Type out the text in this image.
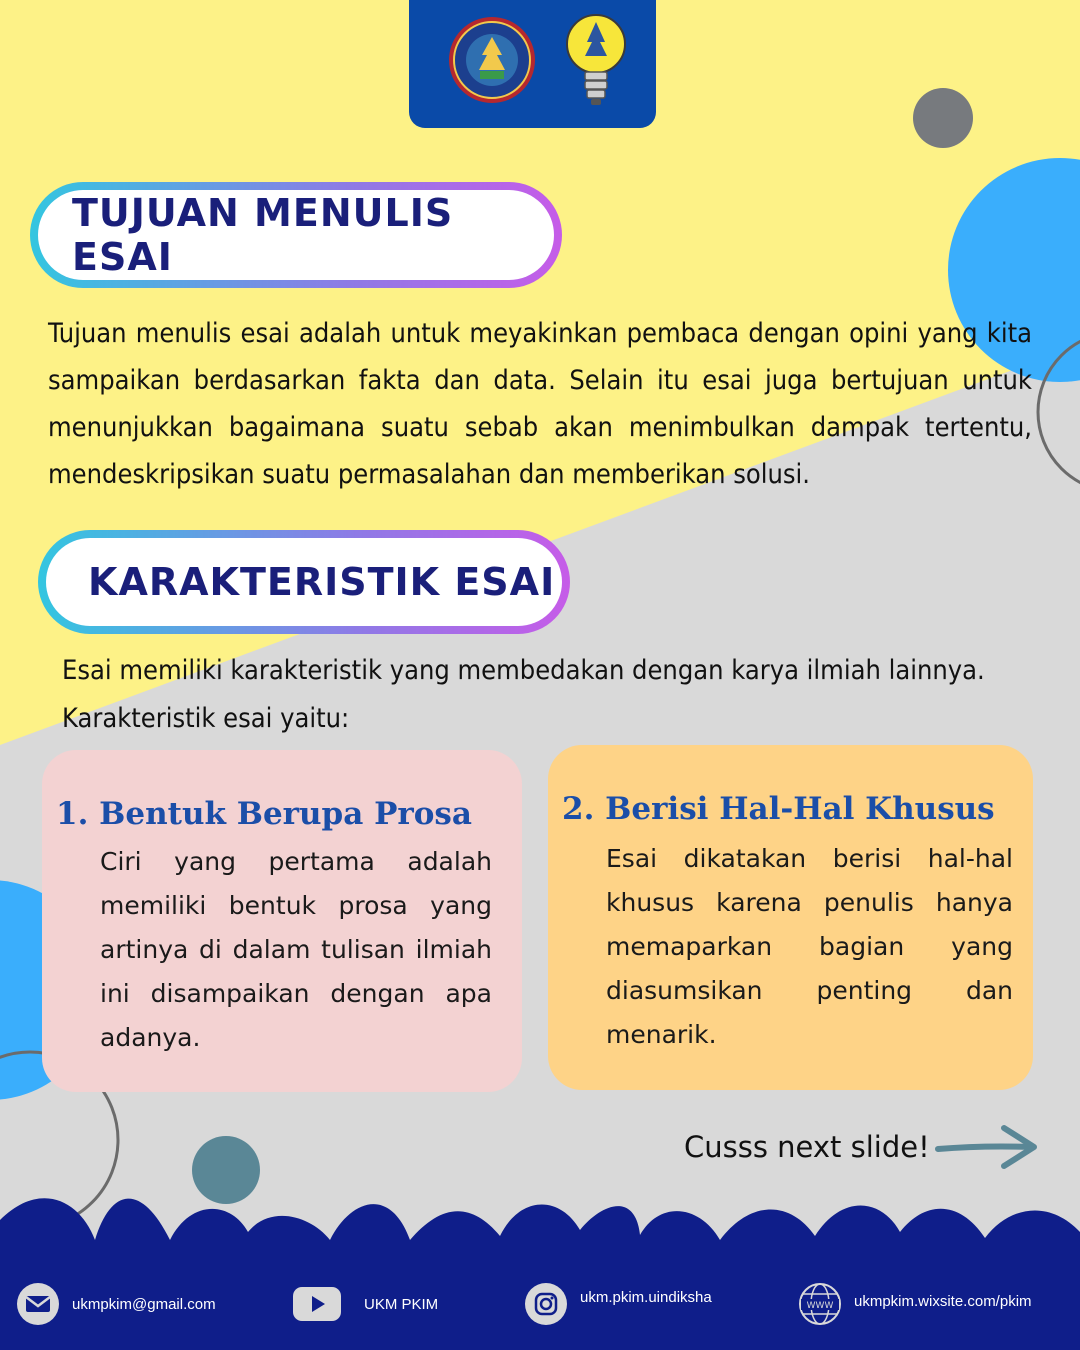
TUJUAN MENULIS ESAI
Tujuan menulis esai adalah untuk meyakinkan pembaca dengan opini yang kita sampaikan berdasarkan fakta dan data. Selain itu esai juga bertujuan untuk menunjukkan bagaimana suatu sebab akan menimbulkan dampak tertentu, mendeskripsikan suatu permasalahan dan memberikan solusi.
KARAKTERISTIK ESAI
Esai memiliki karakteristik yang membedakan dengan karya ilmiah lainnya.
Karakteristik esai yaitu:
1. Bentuk Berupa Prosa
Ciri yang pertama adalah memiliki bentuk prosa yang artinya di dalam tulisan ilmiah ini disampaikan dengan apa adanya.
2. Berisi Hal-Hal Khusus
Esai dikatakan berisi hal-hal khusus karena penulis hanya memaparkan bagian yang diasumsikan penting dan menarik.
Cusss next slide!
ukmpkim@gmail.com	UKM PKIM	ukm.pkim.uindiksha
WWW ukmpkim.wixsite.com/pkim
